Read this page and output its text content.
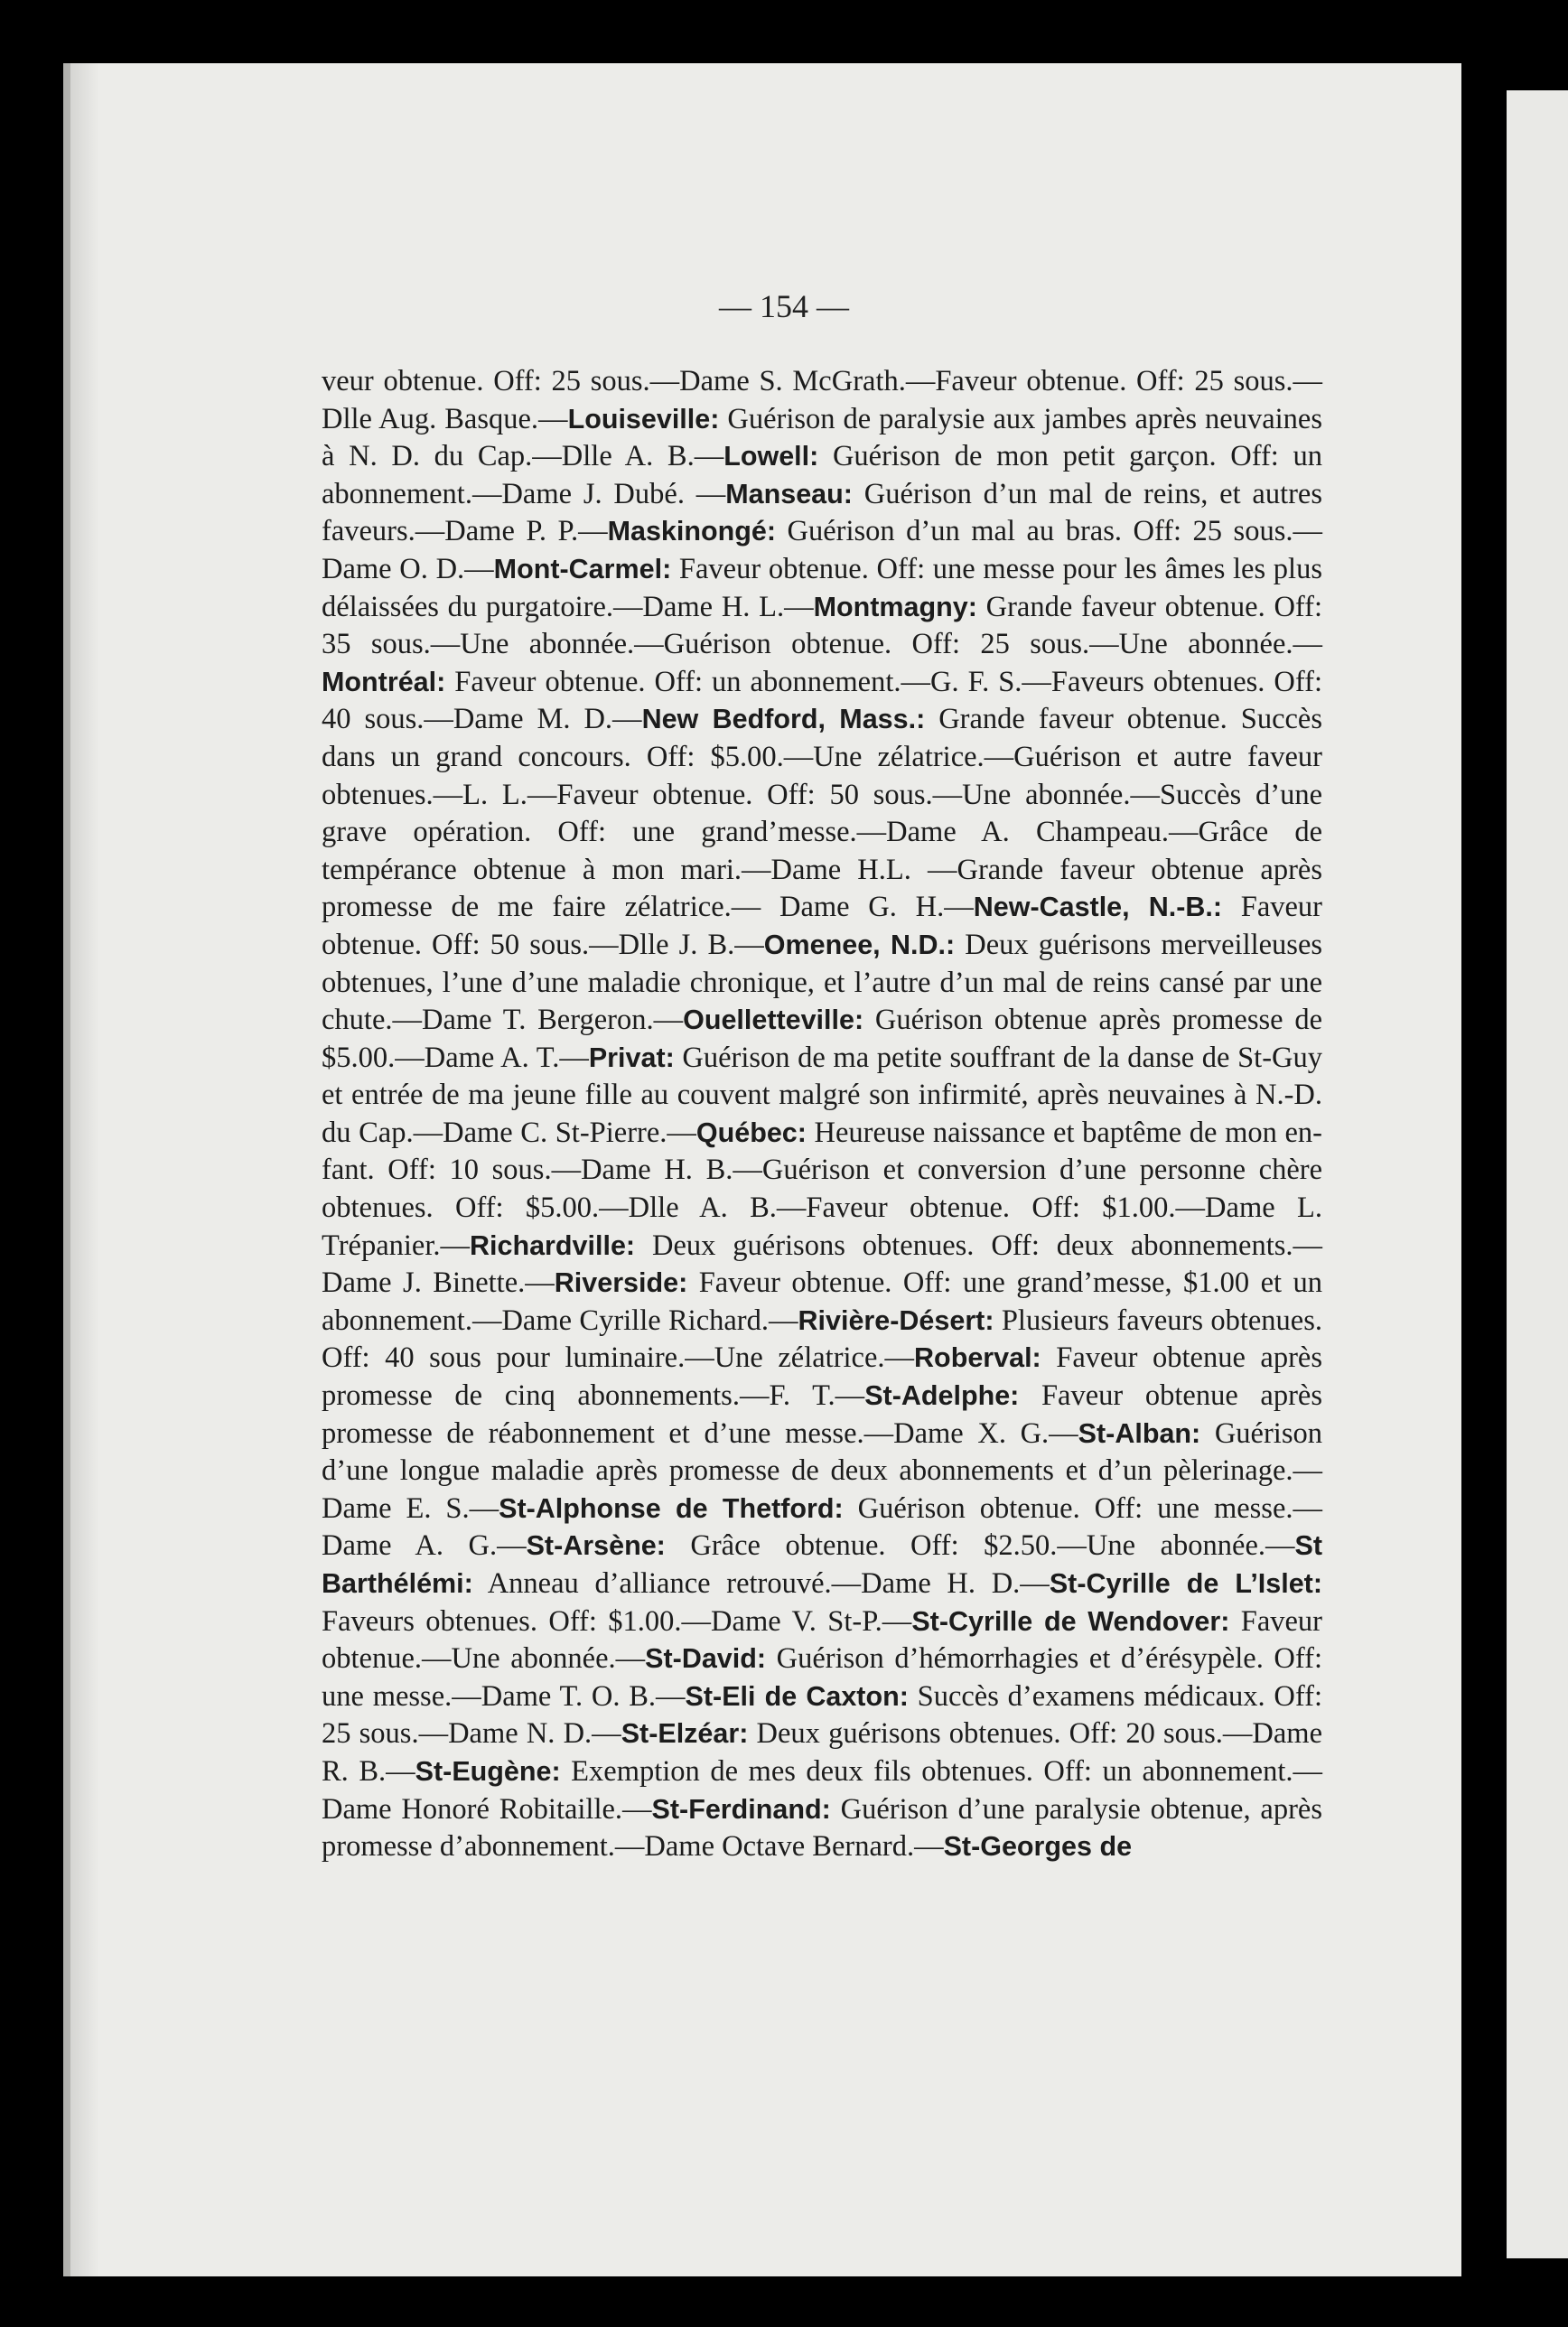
— 154 —
veur obtenue. Off: 25 sous.—Dame S. McGrath.—Faveur obtenue. Off: 25 sous.—Dlle Aug. Basque.—Louiseville: Guérison de paralysie aux jambes après neuvaines à N. D. du Cap.—Dlle A. B.—Lowell: Guérison de mon petit garçon. Off: un abonnement.—Dame J. Dubé. —Manseau: Guérison d’un mal de reins, et autres faveurs.—Dame P. P.—Maskinongé: Guérison d’un mal au bras. Off: 25 sous.—Dame O. D.—Mont-Carmel: Faveur obtenue. Off: une messe pour les âmes les plus délaissées du purgatoire.—Dame H. L.—Montmagny: Grande faveur obtenue. Off: 35 sous.—Une abonnée.—Guérison obtenue. Off: 25 sous.—Une abonnée.—Montréal: Faveur obtenue. Off: un abonnement.—G. F. S.—Faveurs obtenues. Off: 40 sous.—Dame M. D.—New Bedford, Mass.: Grande faveur obtenue. Succès dans un grand concours. Off: $5.00.—Une zélatrice.—Guérison et autre faveur obtenues.—L. L.—Faveur obtenue. Off: 50 sous.—Une abonnée.—Succès d’une grave opération. Off: une grand’messe.—Dame A. Champeau.—Grâce de tempérance obtenue à mon mari.—Dame H.L. —Grande faveur obtenue après promesse de me faire zélatrice.— Dame G. H.—New-Castle, N.-B.: Faveur obtenue. Off: 50 sous.—Dlle J. B.—Omenee, N.D.: Deux guérisons merveilleuses obtenues, l’une d’une maladie chronique, et l’autre d’un mal de reins cansé par une chute.—Dame T. Bergeron.—Ouelletteville: Guérison obtenue après promesse de $5.00.—Dame A. T.—Privat: Guérison de ma petite souffrant de la danse de St-Guy et entrée de ma jeune fille au couvent malgré son infirmité, après neuvaines à N.-D. du Cap.—Dame C. St-Pierre.—Québec: Heureuse naissance et baptême de mon enfant. Off: 10 sous.—Dame H. B.—Guérison et conversion d’une personne chère obtenues. Off: $5.00.—Dlle A. B.—Faveur obtenue. Off: $1.00.—Dame L. Trépanier.—Richardville: Deux guérisons obtenues. Off: deux abonnements.—Dame J. Binette.—Riverside: Faveur obtenue. Off: une grand’messe, $1.00 et un abonnement.—Dame Cyrille Richard.—Rivière-Désert: Plusieurs faveurs obtenues. Off: 40 sous pour luminaire.—Une zélatrice.—Roberval: Faveur obtenue après promesse de cinq abonnements.—F. T.—St-Adelphe: Faveur obtenue après promesse de réabonnement et d’une messe.—Dame X. G.—St-Alban: Guérison d’une longue maladie après promesse de deux abonnements et d’un pèlerinage.—Dame E. S.—St-Alphonse de Thetford: Guérison obtenue. Off: une messe.—Dame A. G.—St-Arsène: Grâce obtenue. Off: $2.50.—Une abonnée.—St Barthélémi: Anneau d’alliance retrouvé.—Dame H. D.—St-Cyrille de L’Islet: Faveurs obtenues. Off: $1.00.—Dame V. St-P.—St-Cyrille de Wendover: Faveur obtenue.—Une abonnée.—St-David: Guérison d’hémorrhagies et d’érésypèle. Off: une messe.—Dame T. O. B.—St-Eli de Caxton: Succès d’examens médicaux. Off: 25 sous.—Dame N. D.—St-Elzéar: Deux guérisons obtenues. Off: 20 sous.—Dame R. B.—St-Eugène: Exemption de mes deux fils obtenues. Off: un abonnement.—Dame Honoré Robitaille.—St-Ferdinand: Guérison d’une paralysie obtenue, après promesse d’abonnement.—Dame Octave Bernard.—St-Georges de
